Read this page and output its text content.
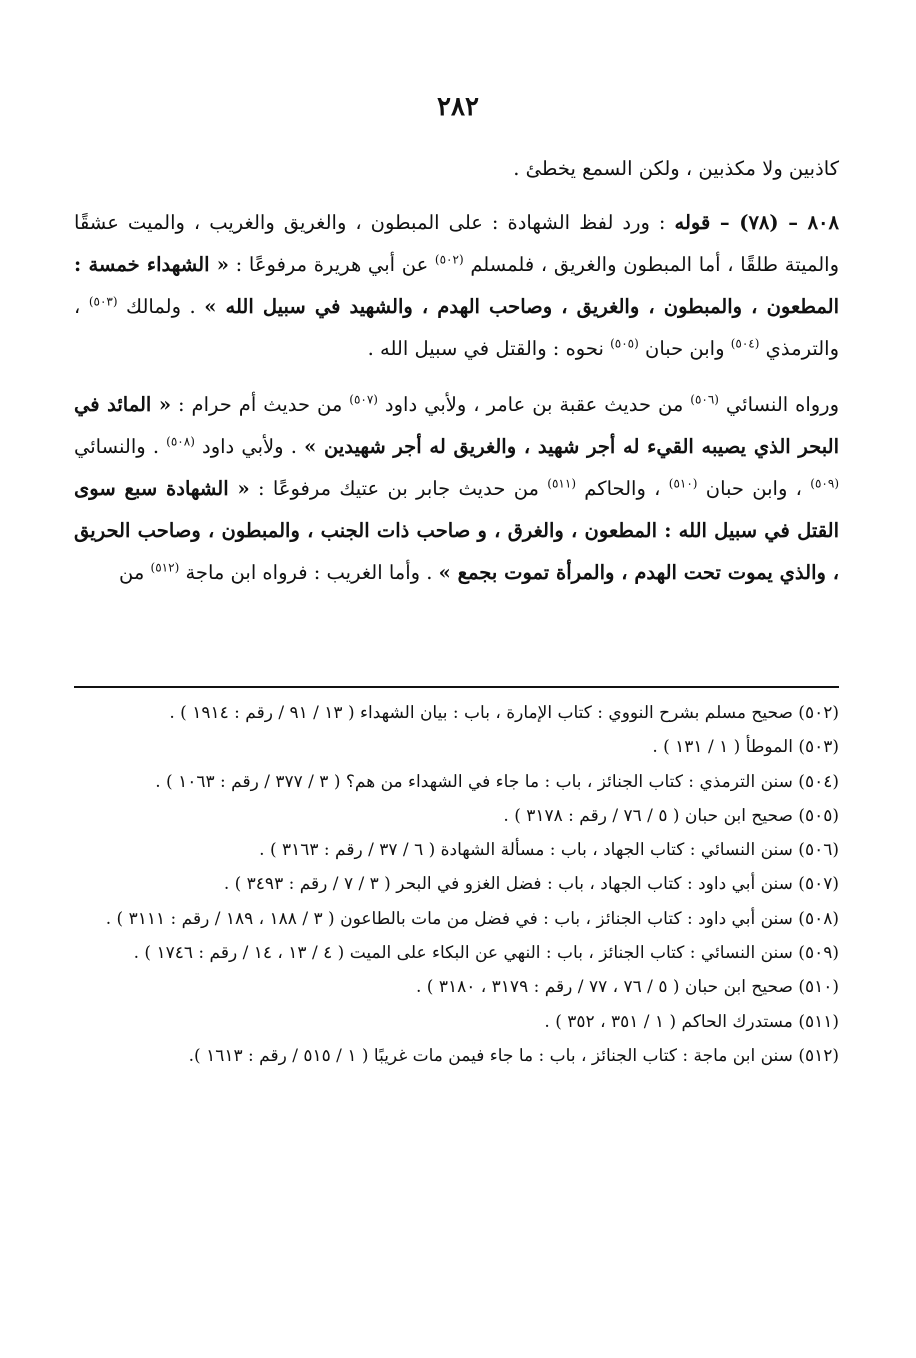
٢٨٢

كاذبين ولا مكذبين ، ولكن السمع يخطئ .

٨٠٨ – (٧٨) – قوله : ورد لفظ الشهادة : على المبطون ، والغريق والغريب ، والميت عشقًا والميتة طلقًا ، أما المبطون والغريق ، فلمسلم $^{(٥٠٢)}$ عن أبي هريرة مرفوعًا : « الشهداء خمسة : المطعون ، والمبطون ، والغريق ، وصاحب الهدم ، والشهيد في سبيل الله » . ولمالك $^{(٥٠٣)}$ ، والترمذي $^{(٥٠٤)}$ وابن حبان $^{(٥٠٥)}$ نحوه : والقتل في سبيل الله .

ورواه النسائي $^{(٥٠٦)}$ من حديث عقبة بن عامر ، ولأبي داود $^{(٥٠٧)}$ من حديث أم حرام : « المائد في البحر الذي يصيبه القيء له أجر شهيد ، والغريق له أجر شهيدين » . ولأبي داود $^{(٥٠٨)}$ . والنسائي $^{(٥٠٩)}$ ، وابن حبان $^{(٥١٠)}$ ، والحاكم $^{(٥١١)}$ من حديث جابر بن عتيك مرفوعًا : « الشهادة سبع سوى القتل في سبيل الله : المطعون ، والغرق ، و صاحب ذات الجنب ، والمبطون ، وصاحب الحريق ، والذي يموت تحت الهدم ، والمرأة تموت بجمع » . وأما الغريب : فرواه ابن ماجة $^{(٥١٢)}$ من

(٥٠٢) صحيح مسلم بشرح النووي : كتاب الإمارة ، باب : بيان الشهداء ( ١٣ / ٩١ / رقم : ١٩١٤ ) .

(٥٠٣) الموطأ ( ١ / ١٣١ ) .

(٥٠٤) سنن الترمذي : كتاب الجنائز ، باب : ما جاء في الشهداء من هم؟ ( ٣ / ٣٧٧ / رقم : ١٠٦٣ ) .

(٥٠٥) صحيح ابن حبان ( ٥ / ٧٦ / رقم : ٣١٧٨ ) .

(٥٠٦) سنن النسائي : كتاب الجهاد ، باب : مسألة الشهادة ( ٦ / ٣٧ / رقم : ٣١٦٣ ) .

(٥٠٧) سنن أبي داود : كتاب الجهاد ، باب : فضل الغزو في البحر ( ٣ / ٧ / رقم : ٣٤٩٣ ) .

(٥٠٨) سنن أبي داود : كتاب الجنائز ، باب : في فضل من مات بالطاعون ( ٣ / ١٨٨ ، ١٨٩ / رقم : ٣١١١ ) .

(٥٠٩) سنن النسائي : كتاب الجنائز ، باب : النهي عن البكاء على الميت ( ٤ / ١٣ ، ١٤ / رقم : ١٧٤٦ ) .

(٥١٠) صحيح ابن حبان ( ٥ / ٧٦ ، ٧٧ / رقم : ٣١٧٩ ، ٣١٨٠ ) .

(٥١١) مستدرك الحاكم ( ١ / ٣٥١ ، ٣٥٢ ) .

(٥١٢) سنن ابن ماجة : كتاب الجنائز ، باب : ما جاء فيمن مات غريبًا ( ١ / ٥١٥ / رقم : ١٦١٣ ).
